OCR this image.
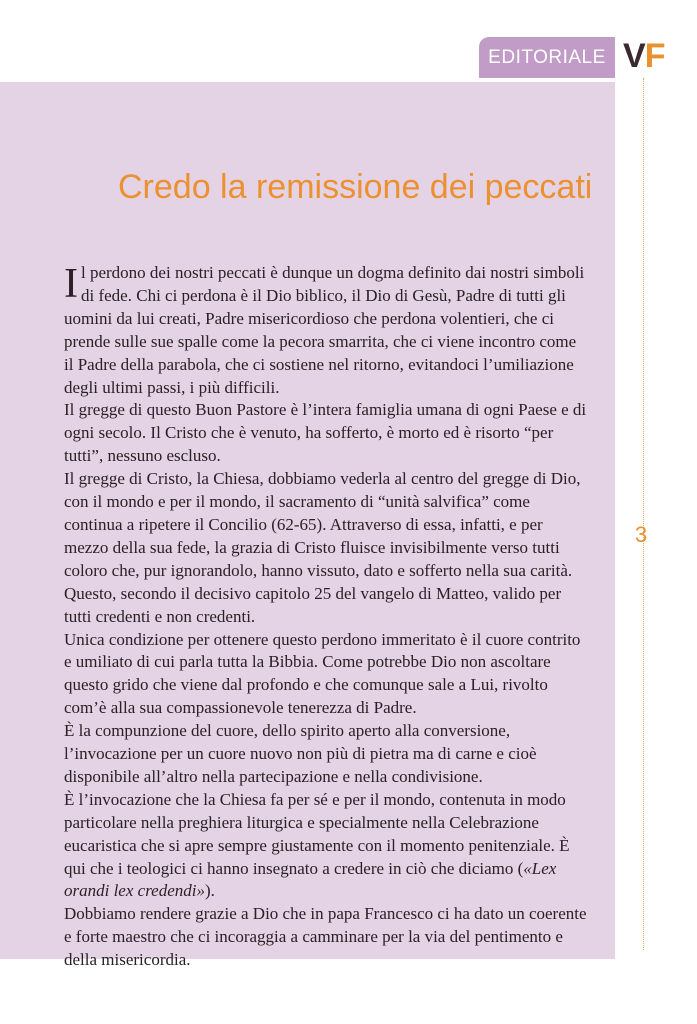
EDITORIALE VF
3
Credo la remissione dei peccati

Il perdono dei nostri peccati è dunque un dogma definito dai nostri simboli di fede. Chi ci perdona è il Dio biblico, il Dio di Gesù, Padre di tutti gli uomini da lui creati, Padre misericordioso che perdona volentieri, che ci prende sulle sue spalle come la pecora smarrita, che ci viene incontro come il Padre della parabola, che ci sostiene nel ritorno, evitandoci l’umiliazione degli ultimi passi, i più difficili.

Il gregge di questo Buon Pastore è l’intera famiglia umana di ogni Paese e di ogni secolo. Il Cristo che è venuto, ha sofferto, è morto ed è risorto “per tutti”, nessuno escluso.

Il gregge di Cristo, la Chiesa, dobbiamo vederla al centro del gregge di Dio, con il mondo e per il mondo, il sacramento di “unità salvifica” come continua a ripetere il Concilio (62-65). Attraverso di essa, infatti, e per mezzo della sua fede, la grazia di Cristo fluisce invisibilmente verso tutti coloro che, pur ignorandolo, hanno vissuto, dato e sofferto nella sua carità. Questo, secondo il decisivo capitolo 25 del vangelo di Matteo, valido per tutti credenti e non credenti.

Unica condizione per ottenere questo perdono immeritato è il cuore contrito e umiliato di cui parla tutta la Bibbia. Come potrebbe Dio non ascoltare questo grido che viene dal profondo e che comunque sale a Lui, rivolto com’è alla sua compassionevole tenerezza di Padre.

È la compunzione del cuore, dello spirito aperto alla conversione, l’invocazione per un cuore nuovo non più di pietra ma di carne e cioè disponibile all’altro nella partecipazione e nella condivisione.

È l’invocazione che la Chiesa fa per sé e per il mondo, contenuta in modo particolare nella preghiera liturgica e specialmente nella Celebrazione eucaristica che si apre sempre giustamente con il momento penitenziale. È qui che i teologici ci hanno insegnato a credere in ciò che diciamo («Lex orandi lex credendi»).

Dobbiamo rendere grazie a Dio che in papa Francesco ci ha dato un coerente e forte maestro che ci incoraggia a camminare per la via del pentimento e della misericordia.
